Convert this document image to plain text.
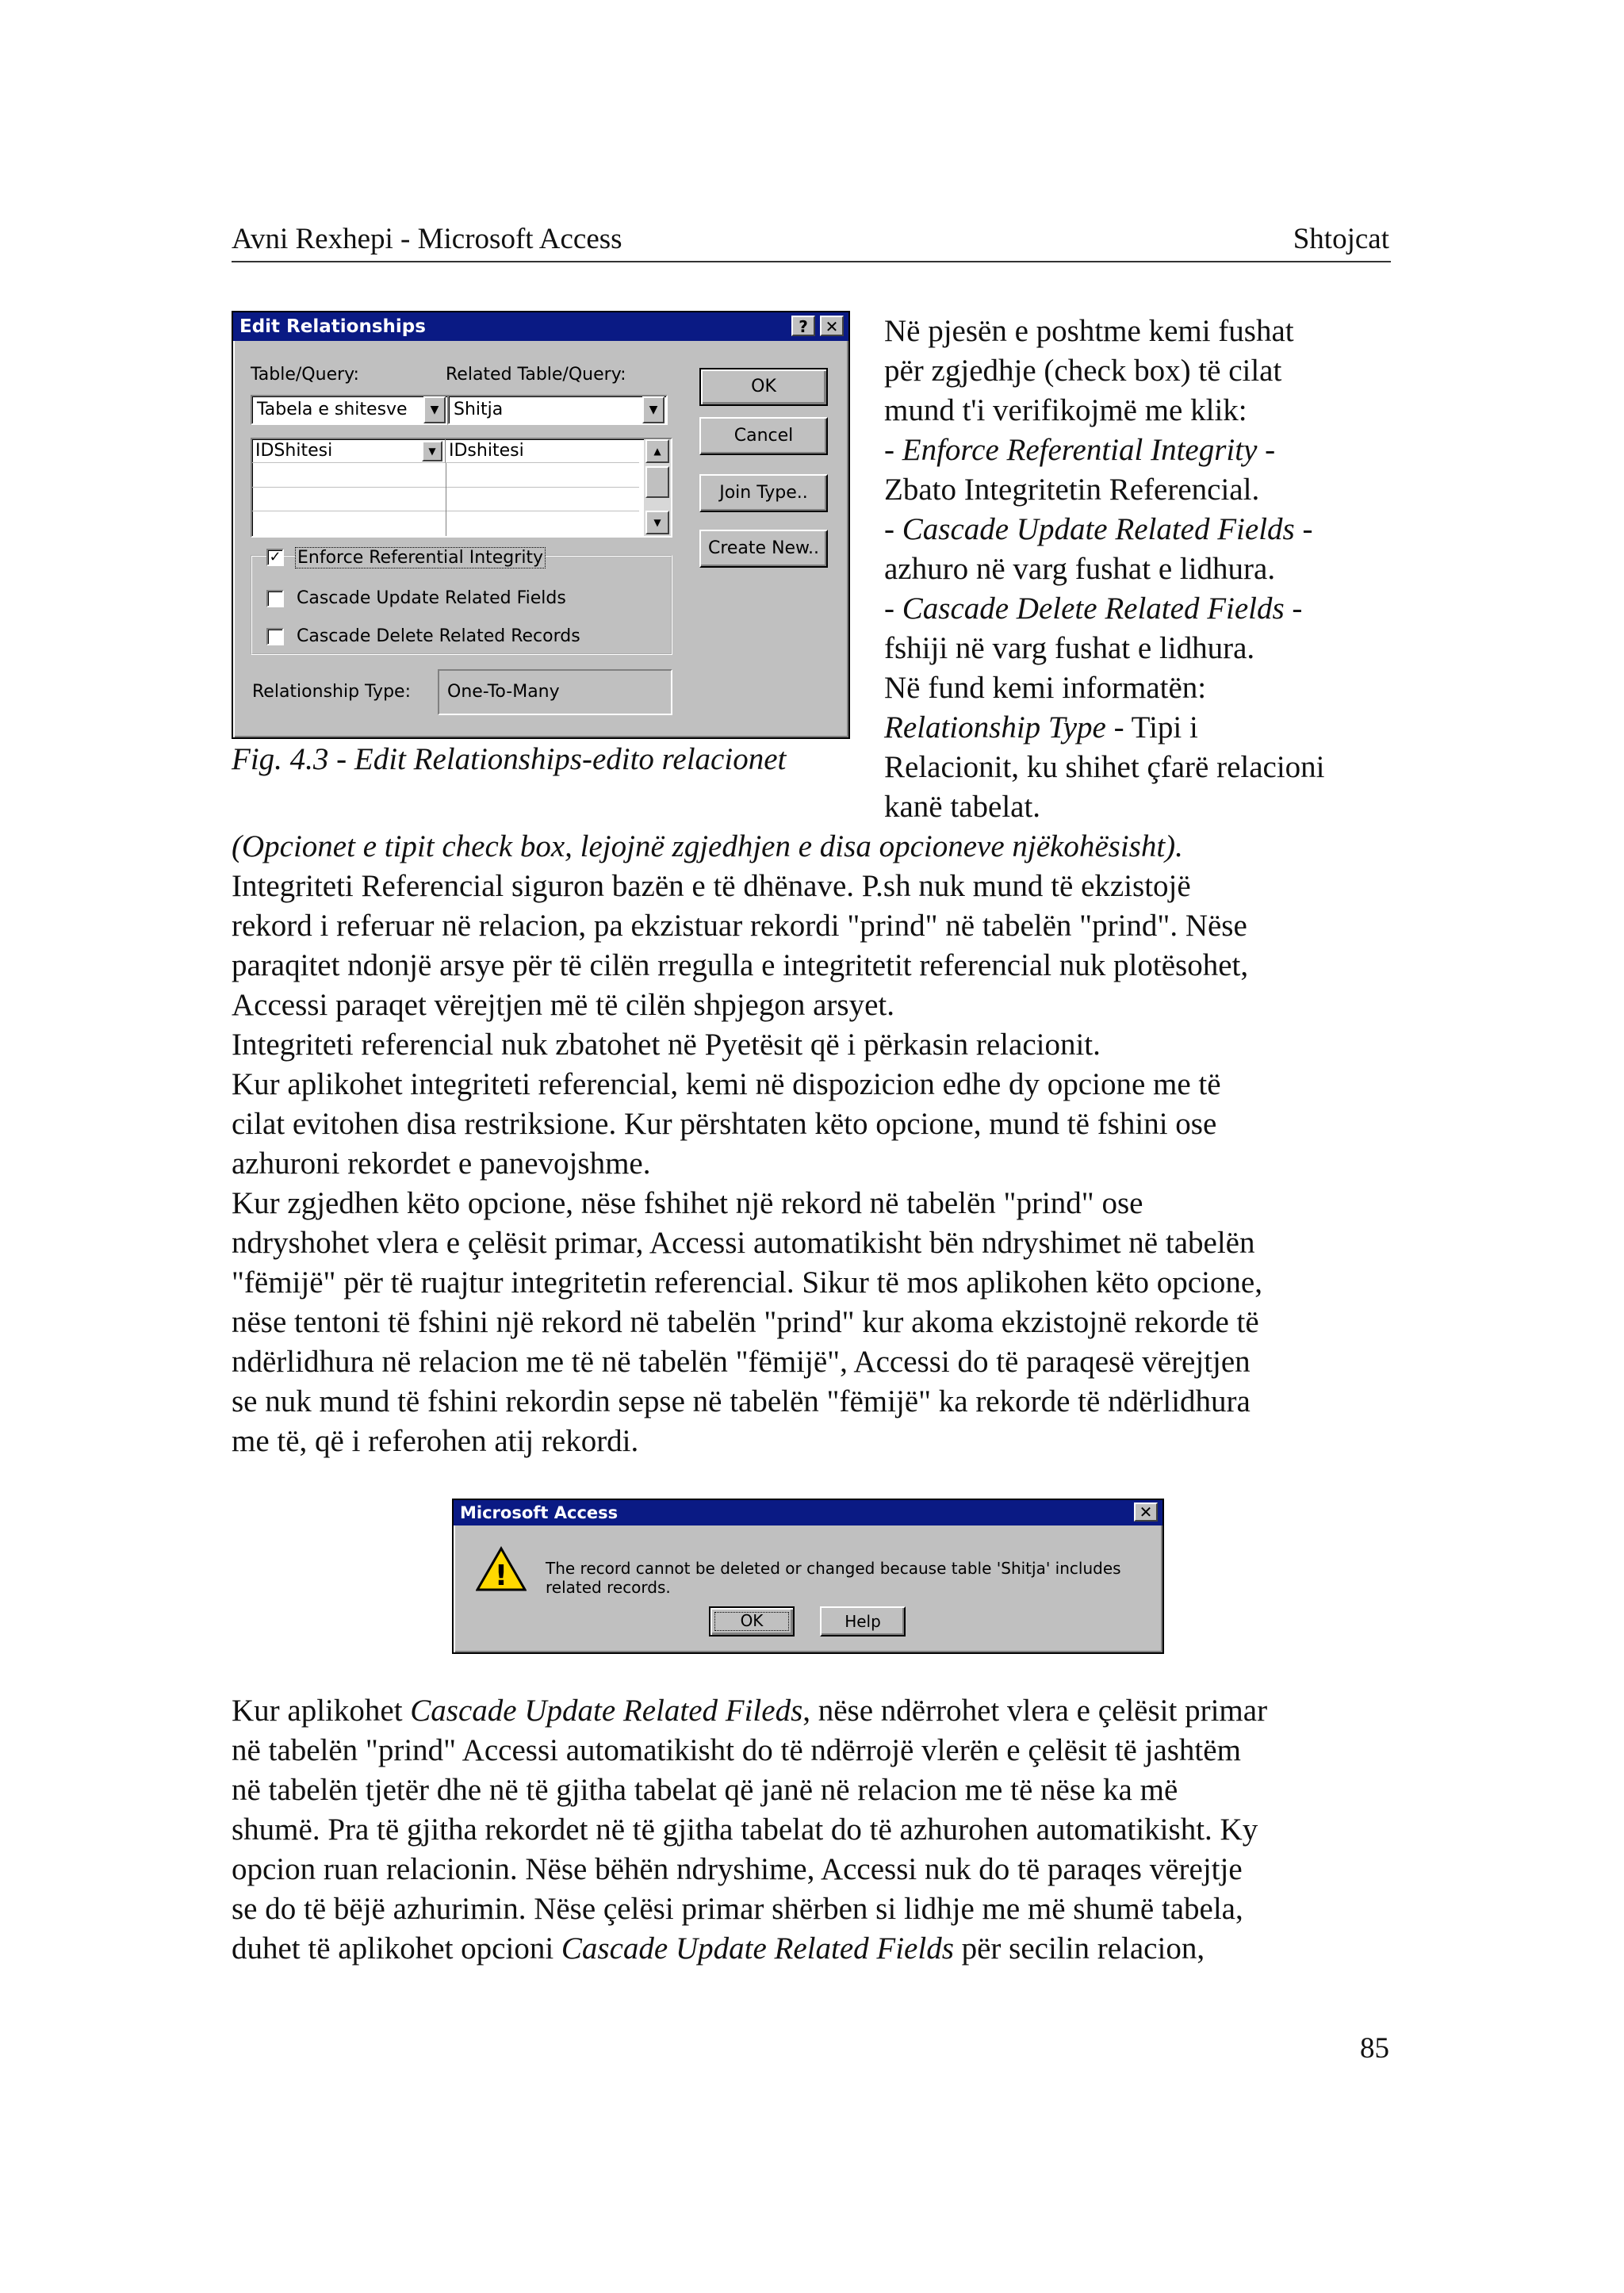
Avni Rexhepi - Microsoft Access	Shtojcat
Edit Relationships	?	✕
Table/Query:	Related Table/Query:
Tabela e shitesve	▼ Shitja	▼
IDShitesi	▼ IDshitesi	▲
▼
✓ Enforce Referential Integrity
Cascade Update Related Fields
Cascade Delete Related Records
Relationship Type:	One-To-Many
OK
Cancel
Join Type..
Create New..
Fig. 4.3 - Edit Relationships-edito relacionet
Në pjesën e poshtme kemi fushat
për zgjedhje (check box) të cilat
mund t'i verifikojmë me klik:
- Enforce Referential Integrity -
Zbato Integritetin Referencial.
- Cascade Update Related Fields -
azhuro në varg fushat e lidhura.
- Cascade Delete Related Fields -
fshiji në varg fushat e lidhura.
Në fund kemi informatën:
Relationship Type - Tipi i
Relacionit, ku shihet çfarë relacioni
kanë tabelat.
(Opcionet e tipit check box, lejojnë zgjedhjen e disa opcioneve njëkohësisht).
Integriteti Referencial siguron bazën e të dhënave. P.sh nuk mund të ekzistojë
rekord i referuar në relacion, pa ekzistuar rekordi "prind" në tabelën "prind". Nëse
paraqitet ndonjë arsye për të cilën rregulla e integritetit referencial nuk plotësohet,
Accessi paraqet vërejtjen më të cilën shpjegon arsyet.
Integriteti referencial nuk zbatohet në Pyetësit që i përkasin relacionit.
Kur aplikohet integriteti referencial, kemi në dispozicion edhe dy opcione me të
cilat evitohen disa restriksione. Kur përshtaten këto opcione, mund të fshini ose
azhuroni rekordet e panevojshme.
Kur zgjedhen këto opcione, nëse fshihet një rekord në tabelën "prind" ose
ndryshohet vlera e çelësit primar, Accessi automatikisht bën ndryshimet në tabelën
"fëmijë" për të ruajtur integritetin referencial. Sikur të mos aplikohen këto opcione,
nëse tentoni të fshini një rekord në tabelën "prind" kur akoma ekzistojnë rekorde të
ndërlidhura në relacion me të në tabelën "fëmijë", Accessi do të paraqesë vërejtjen
se nuk mund të fshini rekordin sepse në tabelën "fëmijë" ka rekorde të ndërlidhura
me të, që i referohen atij rekordi.
Microsoft Access	✕
! The record cannot be deleted or changed because table 'Shitja' includes related records.
OK	Help
Kur aplikohet Cascade Update Related Fileds, nëse ndërrohet vlera e çelësit primar
në tabelën "prind" Accessi automatikisht do të ndërrojë vlerën e çelësit të jashtëm
në tabelën tjetër dhe në të gjitha tabelat që janë në relacion me të nëse ka më
shumë. Pra të gjitha rekordet në të gjitha tabelat do të azhurohen automatikisht. Ky
opcion ruan relacionin. Nëse bëhën ndryshime, Accessi nuk do të paraqes vërejtje
se do të bëjë azhurimin. Nëse çelësi primar shërben si lidhje me më shumë tabela,
duhet të aplikohet opcioni Cascade Update Related Fields për secilin relacion,
85
